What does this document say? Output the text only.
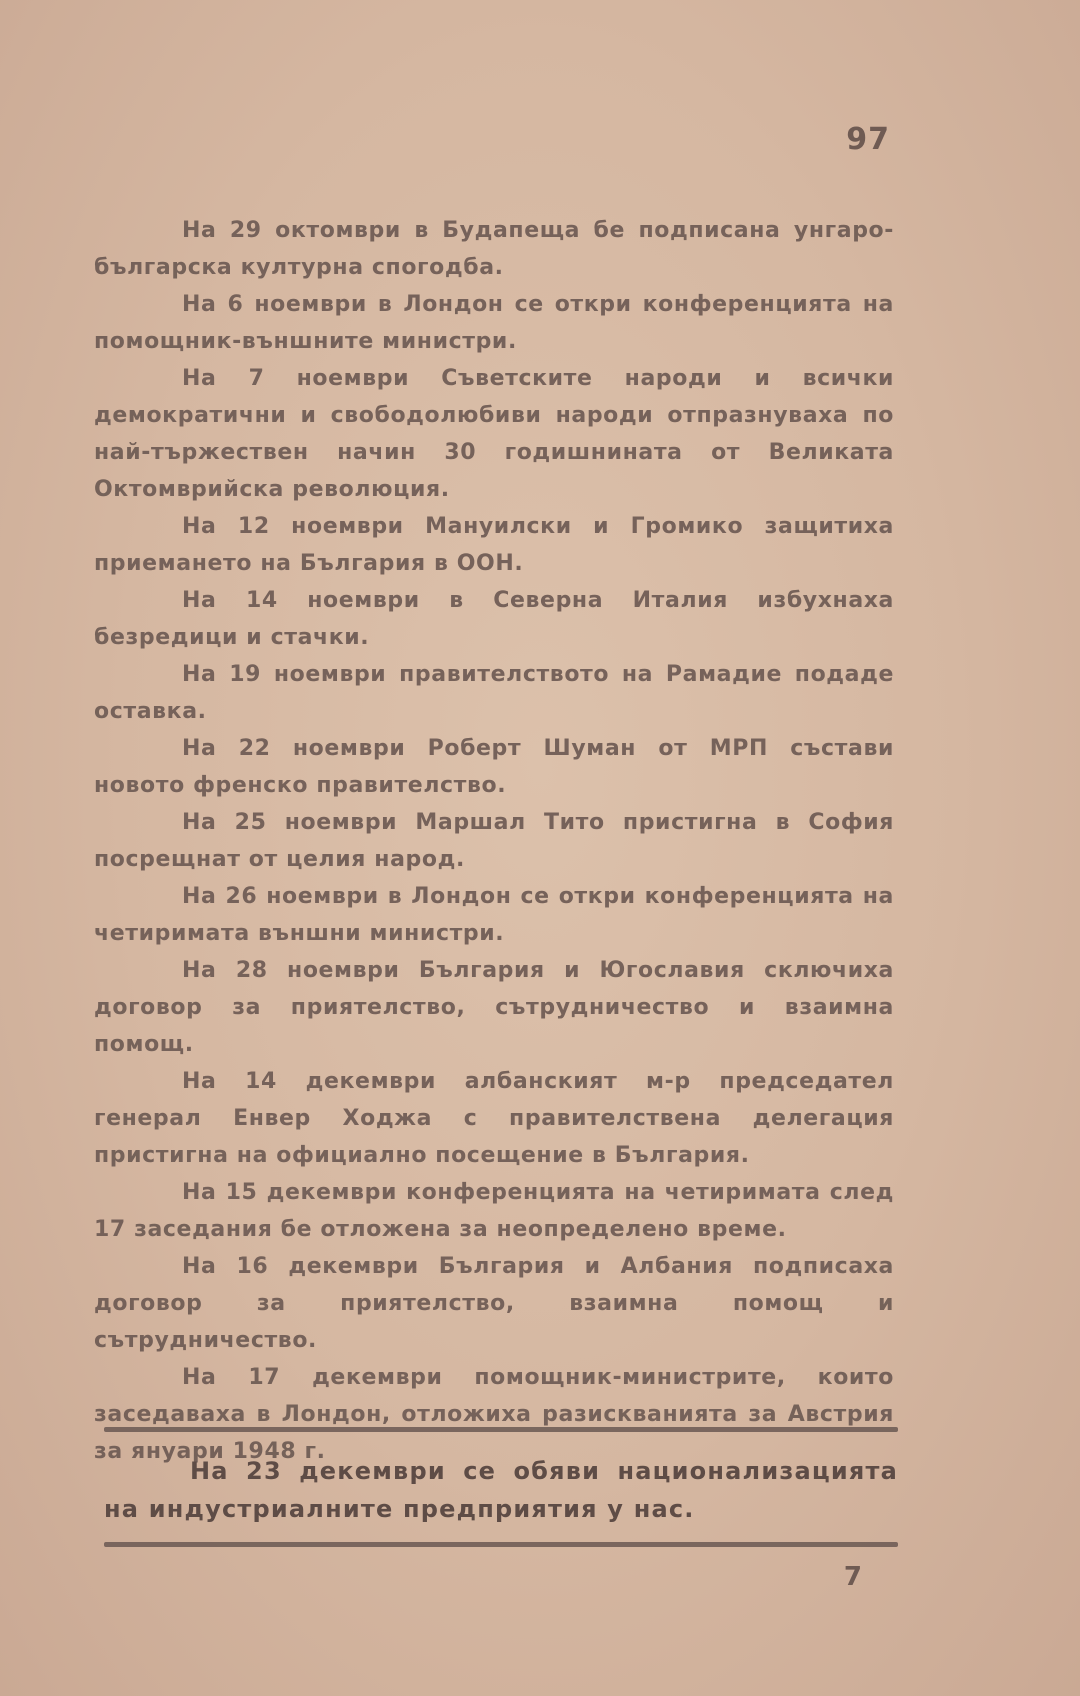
97

На 29 октомври в Будапеща бе подписана унгаро-българска културна спогодба.

На 6 ноември в Лондон се откри конференцията на помощник-външните министри.

На 7 ноември Съветските народи и всички демократични и свободолюбиви народи отпразнуваха по най-тържествен начин 30 годишнината от Великата Октомврийска революция.

На 12 ноември Мануилски и Громико защитиха приемането на България в ООН.

На 14 ноември в Северна Италия избухнаха безредици и стачки.

На 19 ноември правителството на Рамадие подаде оставка.

На 22 ноември Роберт Шуман от МРП състави новото френско правителство.

На 25 ноември Маршал Тито пристигна в София посрещнат от целия народ.

На 26 ноември в Лондон се откри конференцията на четиримата външни министри.

На 28 ноември България и Югославия сключиха договор за приятелство, сътрудничество и взаимна помощ.

На 14 декември албанският м-р председател генерал Енвер Ходжа с правителствена делегация пристигна на официално посещение в България.

На 15 декември конференцията на четиримата след 17 заседания бе отложена за неопределено време.

На 16 декември България и Албания подписаха договор за приятелство, взаимна помощ и сътрудничество.

На 17 декември помощник-министрите, които заседаваха в Лондон, отложиха разискванията за Австрия за януари 1948 г.

На 23 декември се обяви национализацията на индустриалните предприятия у нас.

7
